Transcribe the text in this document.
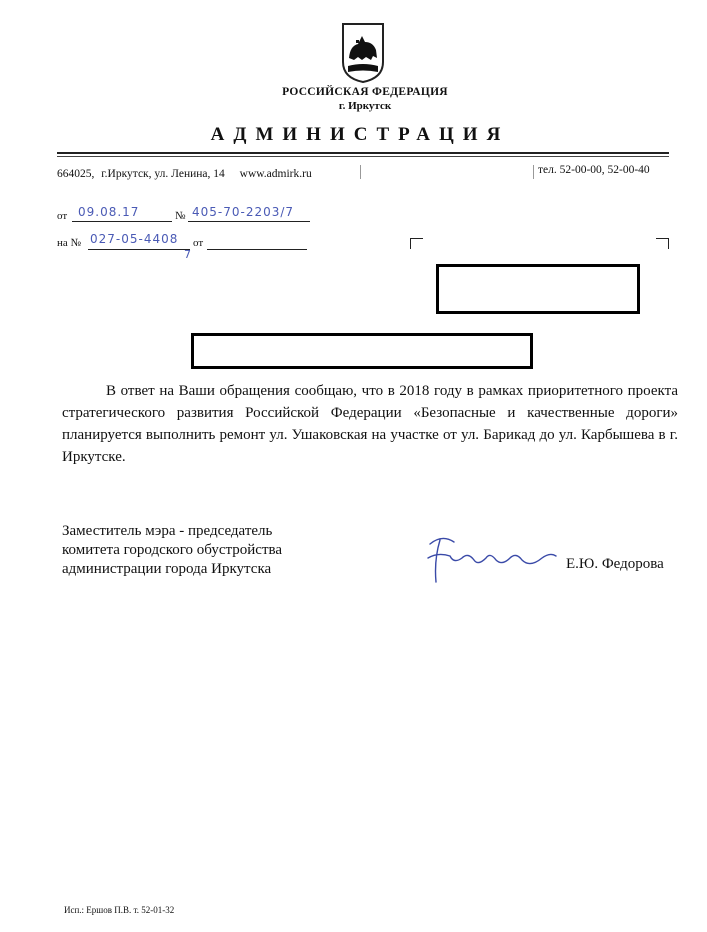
РОССИЙСКАЯ ФЕДЕРАЦИЯ
г. Иркутск
АДМИНИСТРАЦИЯ
664025, г.Иркутск, ул. Ленина, 14 www.admirk.ru	тел. 52-00-00, 52-00-40
от 09.08.17	№ 405-70-2203/7
на № 027-05-4408
7
от

В ответ на Ваши обращения сообщаю, что в 2018 году в рамках приоритетного проекта стратегического развития Российской Федерации «Безопасные и качественные дороги» планируется выполнить ремонт ул. Ушаковская на участке от ул. Барикад до ул. Карбышева в г. Иркутске.

Заместитель мэра - председатель
комитета городского обустройства
администрации города Иркутска	Е.Ю. Федорова
Исп.: Ершов П.В. т. 52-01-32
